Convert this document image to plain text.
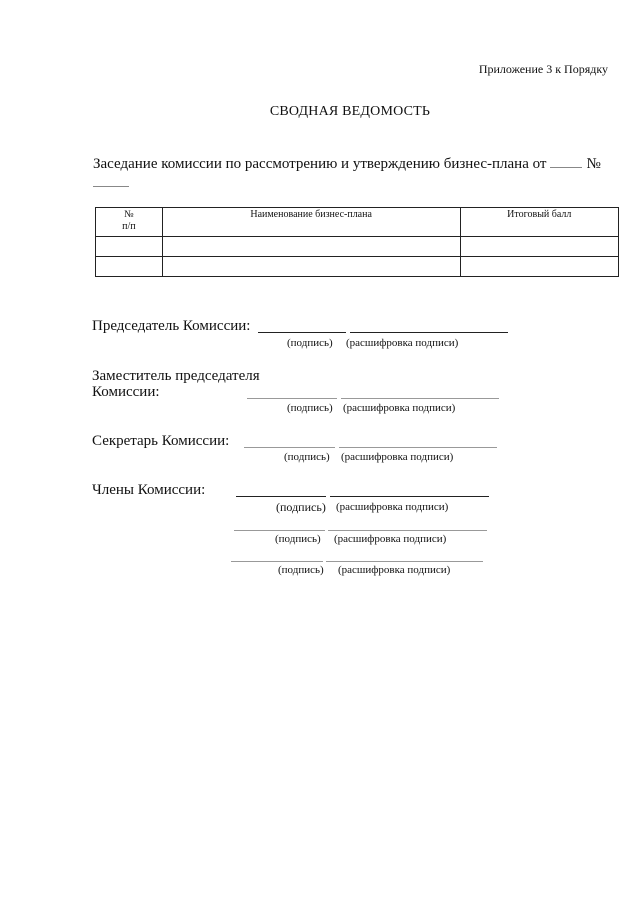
Приложение 3 к Порядку
СВОДНАЯ ВЕДОМОСТЬ
Заседание комиссии по рассмотрению и утверждению бизнес-плана от	№
№
п/п	Наименование бизнес-плана	Итоговый балл

Председатель Комиссии:
(подпись) (расшифровка подписи)
Заместитель председателя
Комиссии:
(подпись) (расшифровка подписи)
Секретарь Комиссии:
(подпись) (расшифровка подписи)
Члены Комиссии:
(подпись) (расшифровка подписи)
(подпись) (расшифровка подписи)
(подпись) (расшифровка подписи)
